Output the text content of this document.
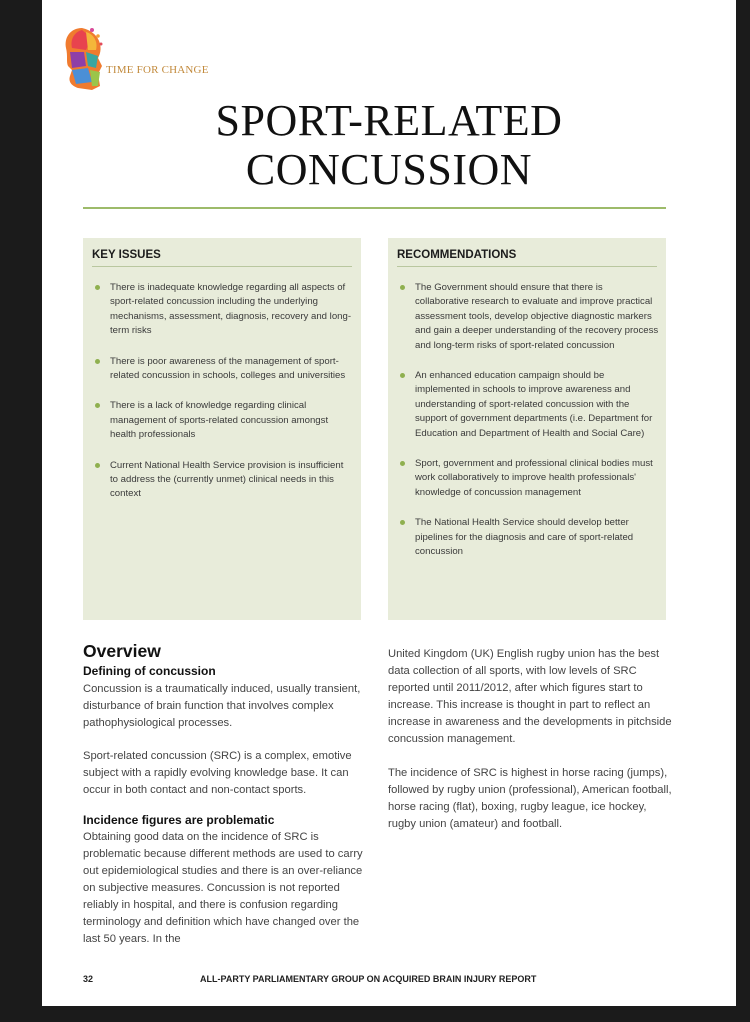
TIME FOR CHANGE
SPORT-RELATED
CONCUSSION
KEY ISSUES
There is inadequate knowledge regarding all aspects of sport-related concussion including the underlying mechanisms, assessment, diagnosis, recovery and long-term risks
There is poor awareness of the management of sport-related concussion in schools, colleges and universities
There is a lack of knowledge regarding clinical management of sports-related concussion amongst health professionals
Current National Health Service provision is insufficient to address the (currently unmet) clinical needs in this context
RECOMMENDATIONS
The Government should ensure that there is collaborative research to evaluate and improve practical assessment tools, develop objective diagnostic markers and gain a deeper understanding of the recovery process and long-term risks of sport-related concussion
An enhanced education campaign should be implemented in schools to improve awareness and understanding of sport-related concussion with the support of government departments (i.e. Department for Education and Department of Health and Social Care)
Sport, government and professional clinical bodies must work collaboratively to improve health professionals' knowledge of concussion management
The National Health Service should develop better pipelines for the diagnosis and care of sport-related concussion
Overview
Defining of concussion

Concussion is a traumatically induced, usually transient, disturbance of brain function that involves complex pathophysiological processes.

Sport-related concussion (SRC) is a complex, emotive subject with a rapidly evolving knowledge base. It can occur in both contact and non-contact sports.

Incidence figures are problematic

Obtaining good data on the incidence of SRC is problematic because different methods are used to carry out epidemiological studies and there is an over-reliance on subjective measures. Concussion is not reported reliably in hospital, and there is confusion regarding terminology and definition which have changed over the last 50 years. In the

United Kingdom (UK) English rugby union has the best data collection of all sports, with low levels of SRC reported until 2011/2012, after which figures start to increase. This increase is thought in part to reflect an increase in awareness and the developments in pitchside concussion management.

The incidence of SRC is highest in horse racing (jumps), followed by rugby union (professional), American football, horse racing (flat), boxing, rugby league, ice hockey, rugby union (amateur) and football.

32	ALL-PARTY PARLIAMENTARY GROUP ON ACQUIRED BRAIN INJURY REPORT
